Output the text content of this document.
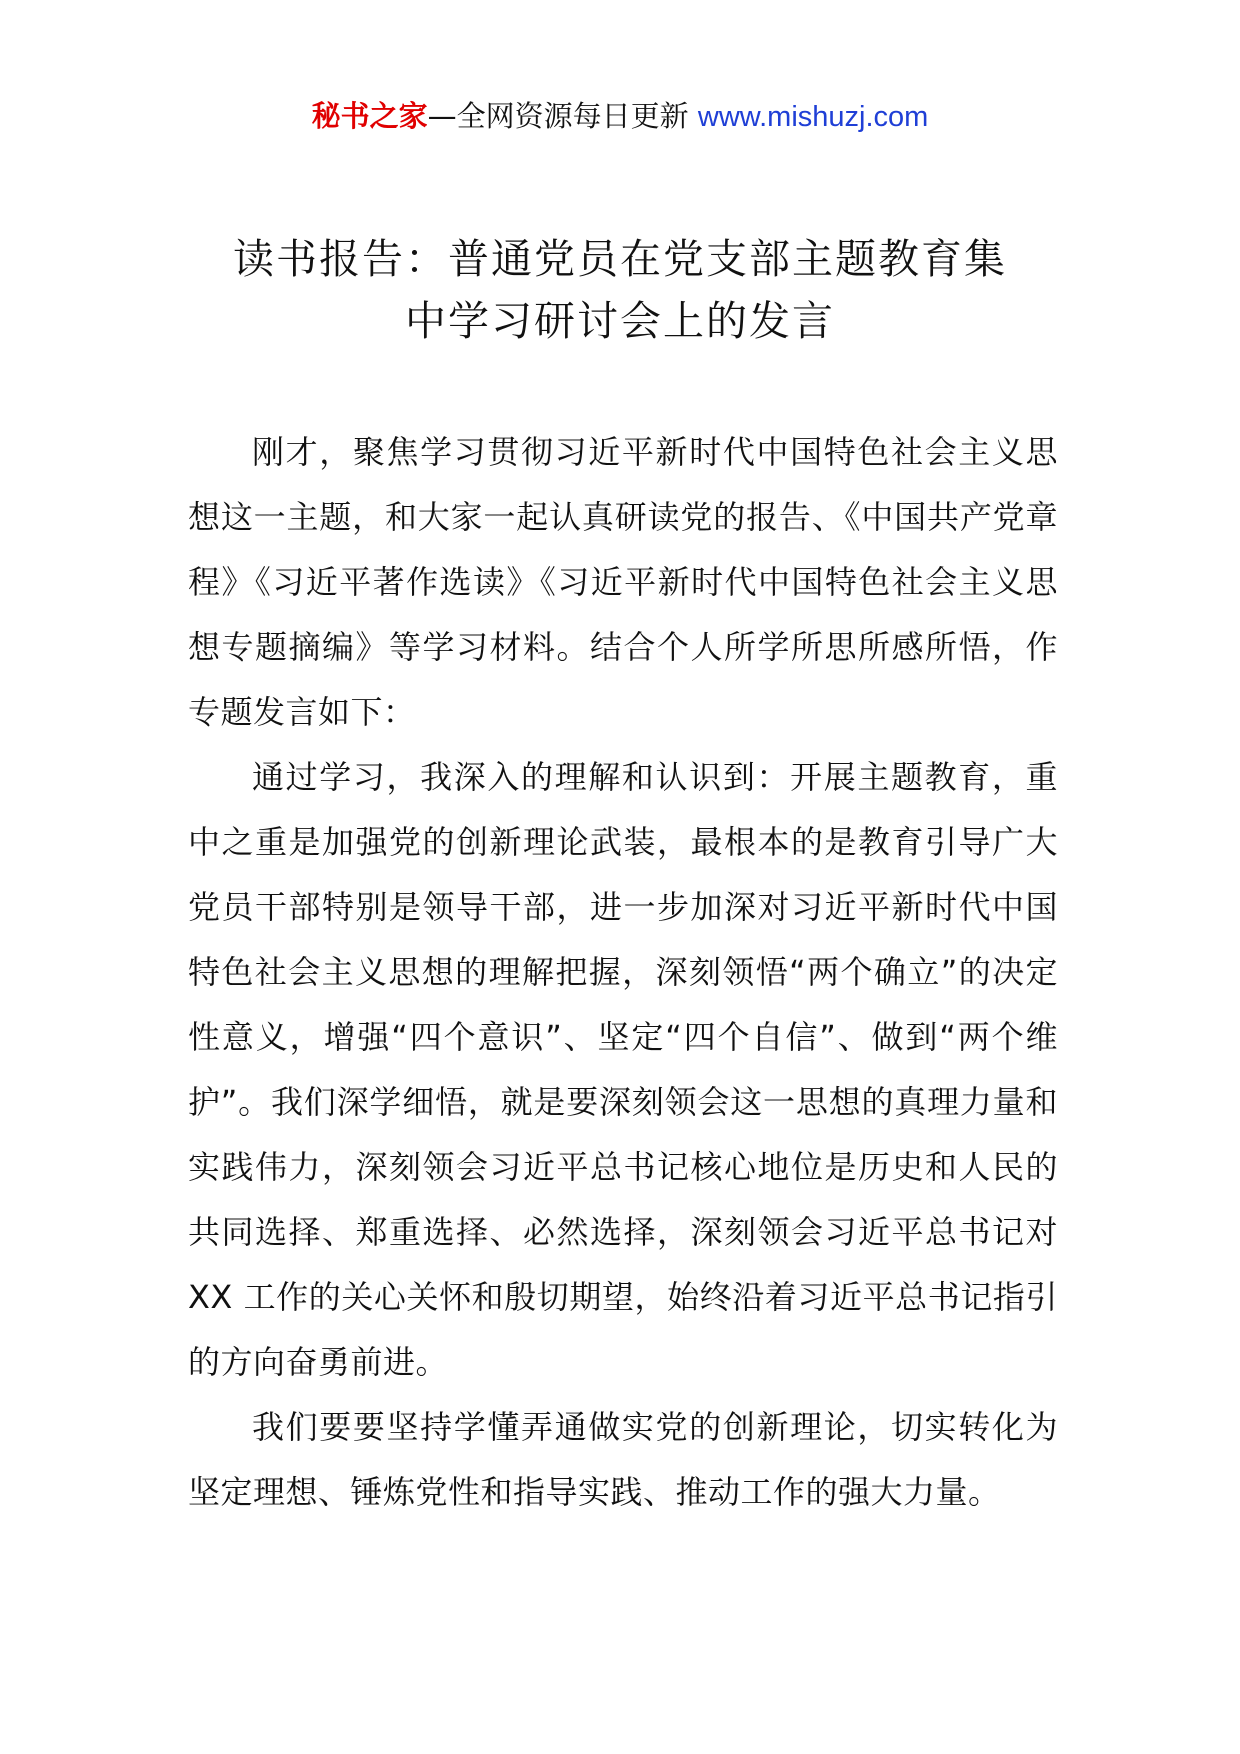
秘书之家—全网资源每日更新 www.mishuzj.com
读书报告：普通党员在党支部主题教育集
中学习研讨会上的发言

刚才，聚焦学习贯彻习近平新时代中国特色社会主义思想这一主题，和大家一起认真研读党的报告、《中国共产党章程》《习近平著作选读》《习近平新时代中国特色社会主义思想专题摘编》等学习材料。结合个人所学所思所感所悟，作专题发言如下：

通过学习，我深入的理解和认识到：开展主题教育，重中之重是加强党的创新理论武装，最根本的是教育引导广大党员干部特别是领导干部，进一步加深对习近平新时代中国特色社会主义思想的理解把握，深刻领悟“两个确立”的决定性意义，增强“四个意识”、坚定“四个自信”、做到“两个维护”。我们深学细悟，就是要深刻领会这一思想的真理力量和实践伟力，深刻领会习近平总书记核心地位是历史和人民的共同选择、郑重选择、必然选择，深刻领会习近平总书记对 XX 工作的关心关怀和殷切期望，始终沿着习近平总书记指引的方向奋勇前进。

我们要要坚持学懂弄通做实党的创新理论，切实转化为坚定理想、锤炼党性和指导实践、推动工作的强大力量。
